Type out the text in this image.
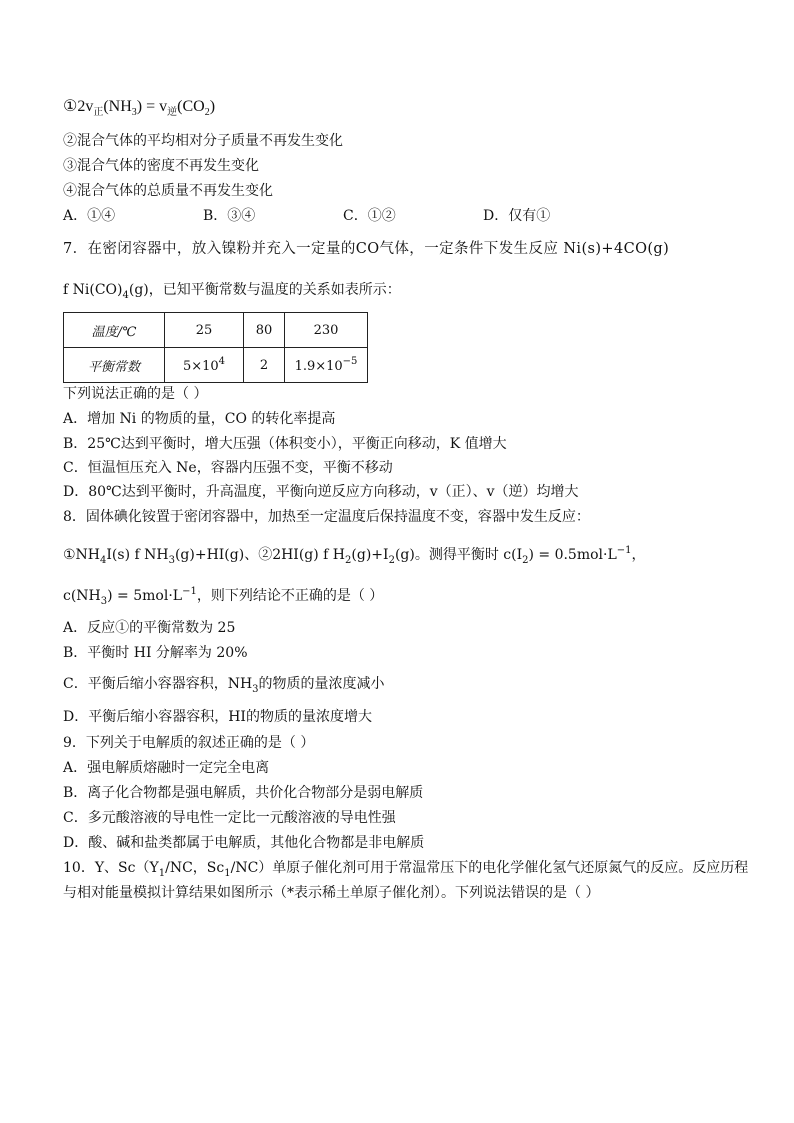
$①2v_正(NH_3) = v_逆(CO_2)$
②混合气体的平均相对分子质量不再发生变化
③混合气体的密度不再发生变化
④混合气体的总质量不再发生变化
A．①④	B．③④	C．①②	D．仅有①
7．在密闭容器中，放入镍粉并充入一定量的CO气体，一定条件下发生反应 Ni(s)+4CO(g)
f $Ni(CO)_4(g)$，已知平衡常数与温度的关系如表所示：
温度/℃	25	80	230
平衡常数	$5\times 10^4$	2	$1.9\times 10^{-5}$
下列说法正确的是（ ）
A．增加 Ni 的物质的量，CO 的转化率提高
B．25℃达到平衡时，增大压强（体积变小），平衡正向移动，K 值增大
C．恒温恒压充入 Ne，容器内压强不变，平衡不移动
D．80℃达到平衡时，升高温度，平衡向逆反应方向移动，v（正）、v（逆）均增大
8．固体碘化铵置于密闭容器中，加热至一定温度后保持温度不变，容器中发生反应：
$①NH_4I(s)$ f $NH_3(g)+HI(g)$、②2HI(g) f $H_2(g)+I_2(g)$。测得平衡时 $c(I_2) = 0.5mol\cdot L^{-1}$，
$c(NH_3) = 5mol\cdot L^{-1}$，则下列结论不正确的是（ ）
A．反应①的平衡常数为 25
B．平衡时 HI 分解率为 20%
C．平衡后缩小容器容积，$NH_3$的物质的量浓度减小
D．平衡后缩小容器容积，HI的物质的量浓度增大
9．下列关于电解质的叙述正确的是（ ）
A．强电解质熔融时一定完全电离
B．离子化合物都是强电解质，共价化合物部分是弱电解质
C．多元酸溶液的导电性一定比一元酸溶液的导电性强
D．酸、碱和盐类都属于电解质，其他化合物都是非电解质
10．Y、$Sc(Y_1/NC$，$Sc_1/NC$）单原子催化剂可用于常温常压下的电化学催化氢气还原氮气的反应。反应历程
与相对能量模拟计算结果如图所示（*表示稀土单原子催化剂）。下列说法错误的是（ ）
